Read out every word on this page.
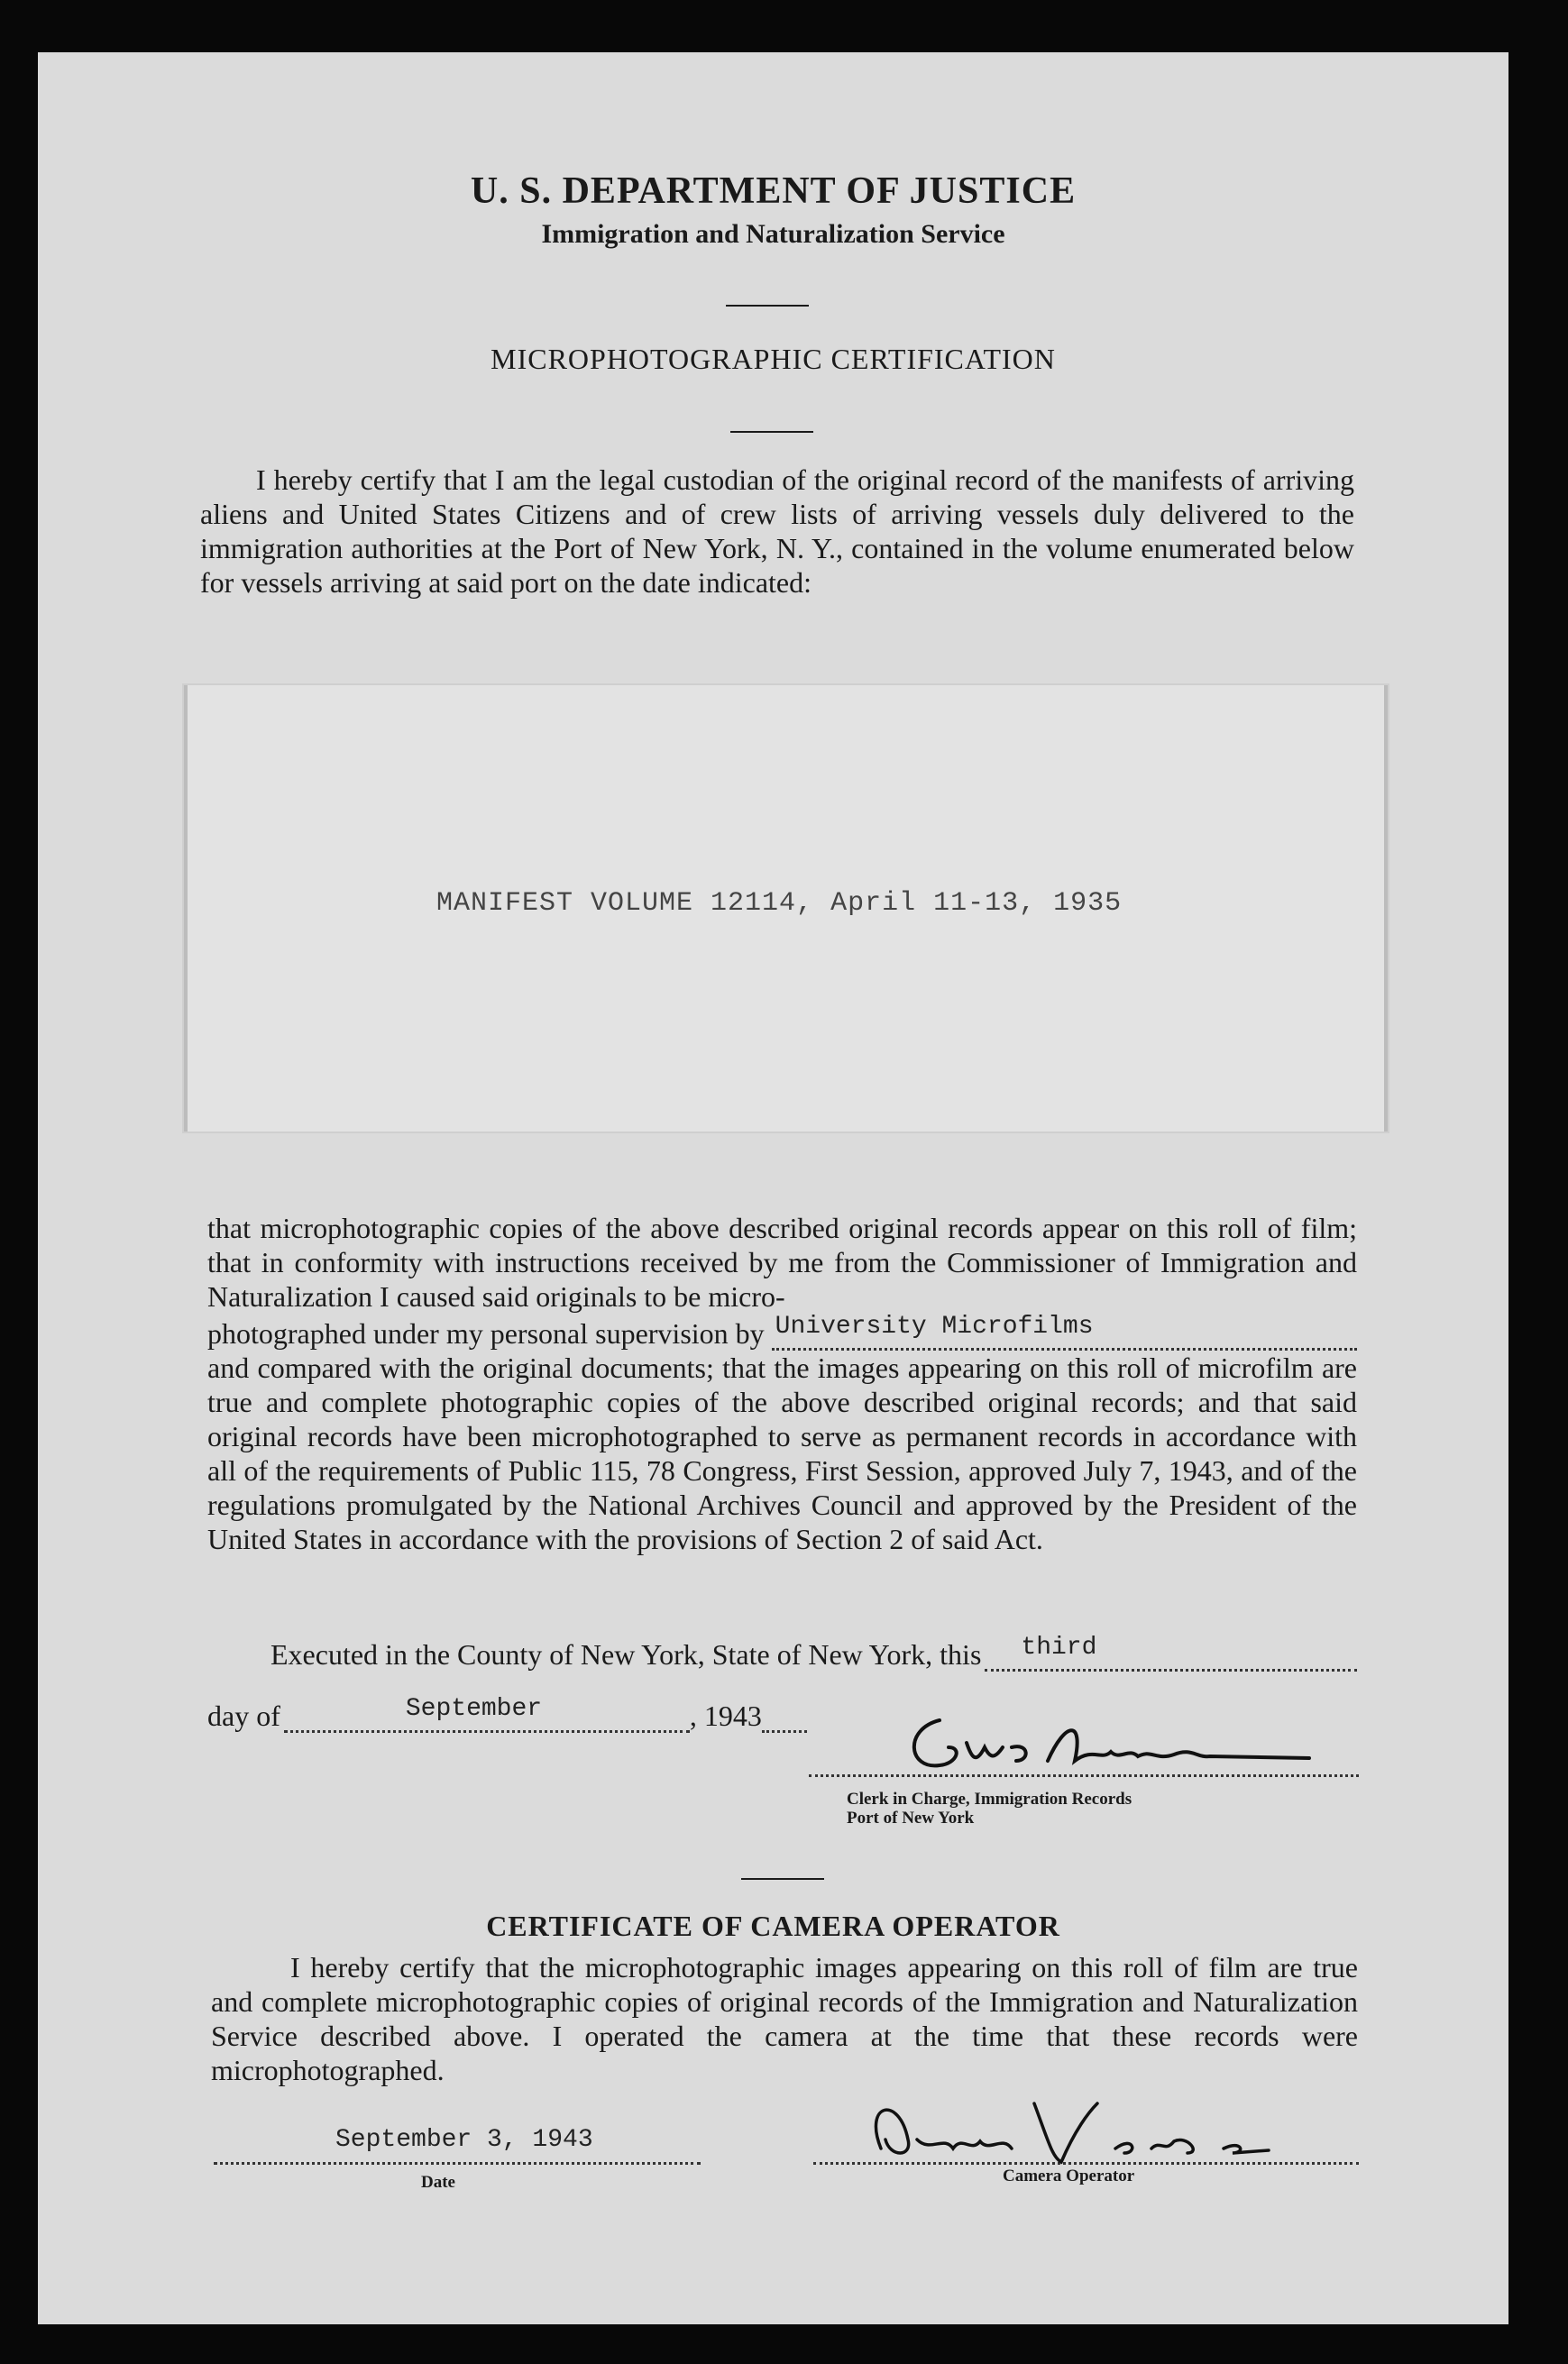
U. S. DEPARTMENT OF JUSTICE
Immigration and Naturalization Service
MICROPHOTOGRAPHIC CERTIFICATION
I hereby certify that I am the legal custodian of the original record of the manifests of arriving aliens and United States Citizens and of crew lists of arriving vessels duly delivered to the immigration authorities at the Port of New York, N. Y., contained in the volume enumerated below for vessels arriving at said port on the date indicated:
MANIFEST VOLUME 12114, April 11-13, 1935

that microphotographic copies of the above described original records appear on this roll of film; that in conformity with instructions received by me from the Commissioner of Immigration and Naturalization I caused said originals to be micro-

photographed under my personal supervision by University Microfilms

and compared with the original documents; that the images appearing on this roll of microfilm are true and complete photographic copies of the above described original records; and that said original records have been microphotographed to serve as permanent records in accordance with all of the requirements of Public 115, 78 Congress, First Session, approved July 7, 1943, and of the regulations promulgated by the National Archives Council and approved by the President of the United States in accordance with the provisions of Section 2 of said Act.

Executed in the County of New York, State of New York, this third
day of	September	, 1943
Clerk in Charge, Immigration Records
Port of New York
CERTIFICATE OF CAMERA OPERATOR
I hereby certify that the microphotographic images appearing on this roll of film are true and complete microphotographic copies of original records of the Immigration and Naturalization Service described above. I operated the camera at the time that these records were microphotographed.
September 3, 1943
Date	Camera Operator
